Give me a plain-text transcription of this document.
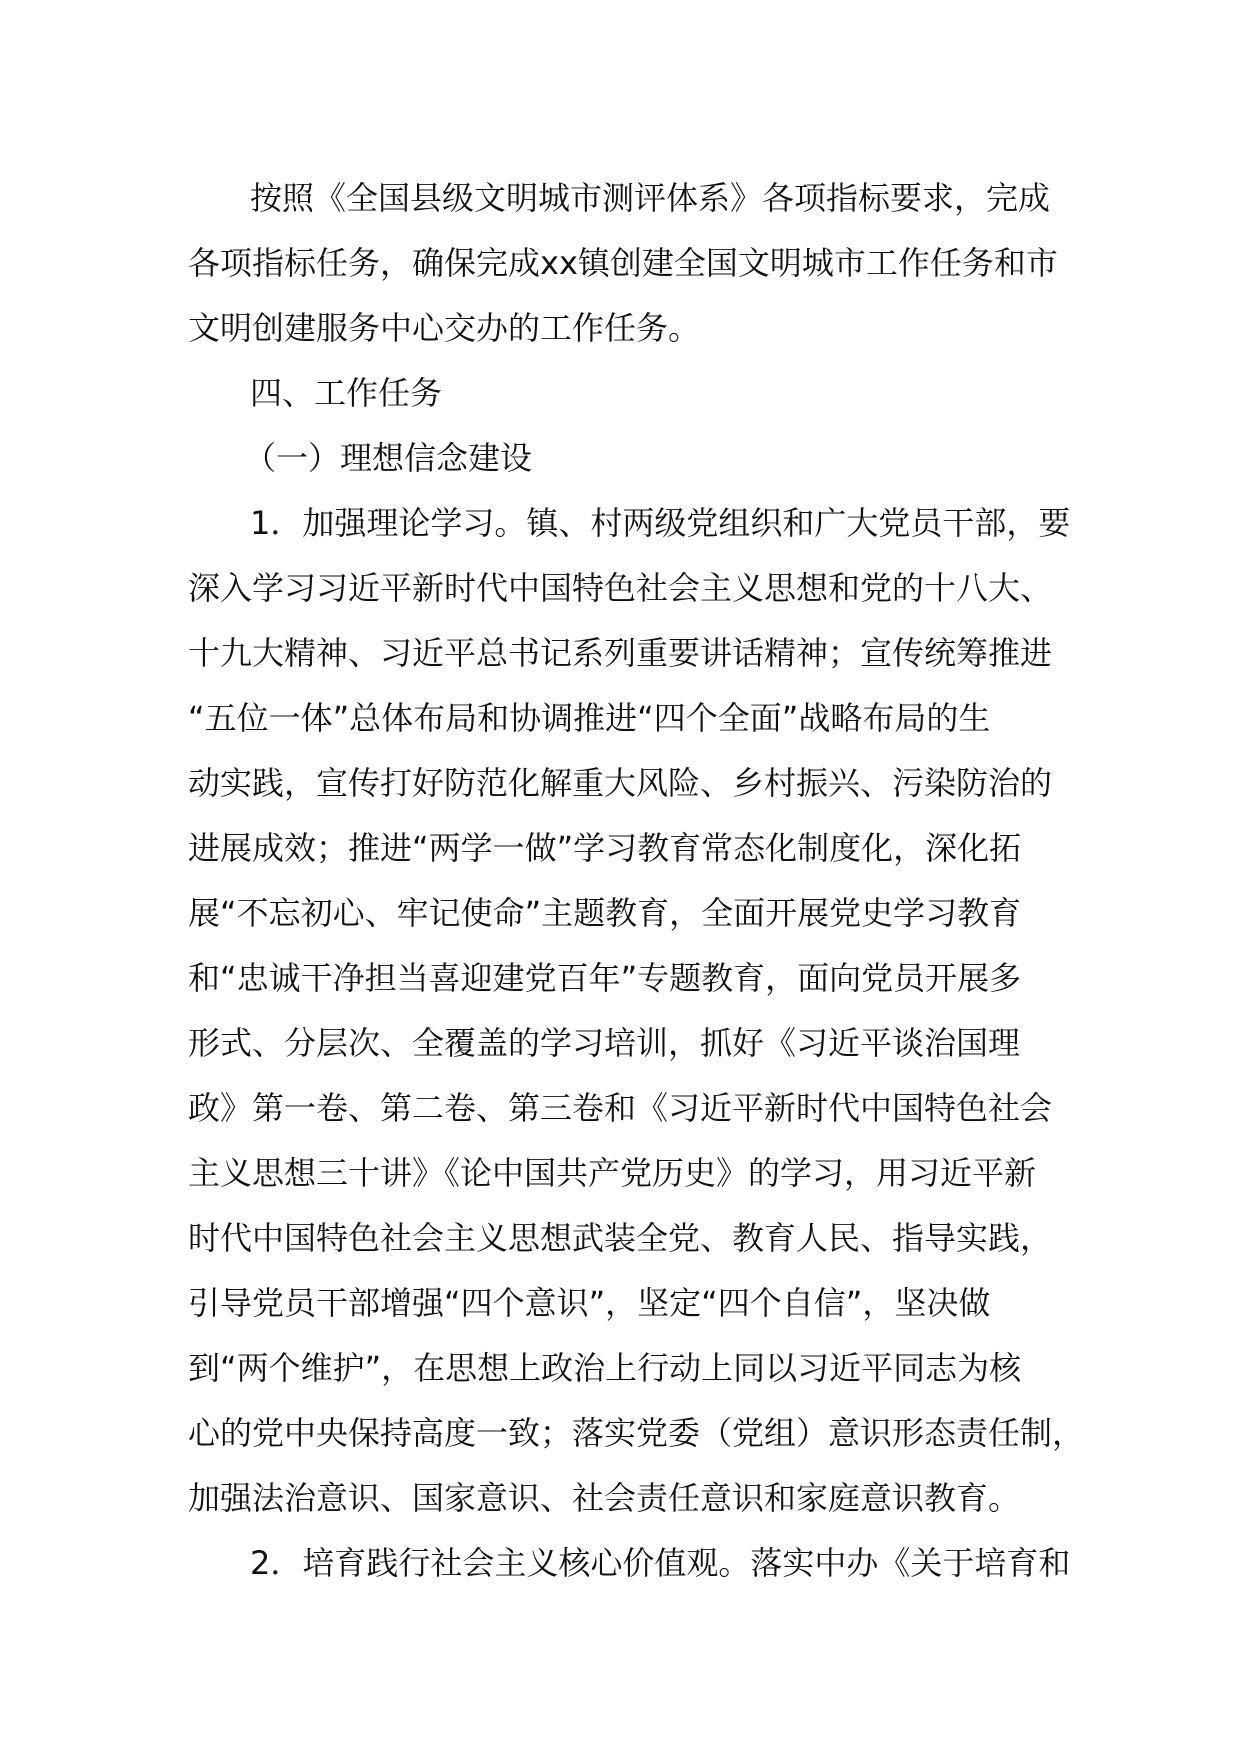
按照《全国县级文明城市测评体系》各项指标要求，完成
各项指标任务，确保完成xx镇创建全国文明城市工作任务和市
文明创建服务中心交办的工作任务。
四、工作任务
（一）理想信念建设
1．加强理论学习。镇、村两级党组织和广大党员干部，要
深入学习习近平新时代中国特色社会主义思想和党的十八大、
十九大精神、习近平总书记系列重要讲话精神；宣传统筹推进
“五位一体”总体布局和协调推进“四个全面”战略布局的生
动实践，宣传打好防范化解重大风险、乡村振兴、污染防治的
进展成效；推进“两学一做”学习教育常态化制度化，深化拓
展“不忘初心、牢记使命”主题教育，全面开展党史学习教育
和“忠诚干净担当喜迎建党百年”专题教育，面向党员开展多
形式、分层次、全覆盖的学习培训，抓好《习近平谈治国理
政》第一卷、第二卷、第三卷和《习近平新时代中国特色社会
主义思想三十讲》《论中国共产党历史》的学习，用习近平新
时代中国特色社会主义思想武装全党、教育人民、指导实践，
引导党员干部增强“四个意识”，坚定“四个自信”，坚决做
到“两个维护”，在思想上政治上行动上同以习近平同志为核
心的党中央保持高度一致；落实党委（党组）意识形态责任制，
加强法治意识、国家意识、社会责任意识和家庭意识教育。
2．培育践行社会主义核心价值观。落实中办《关于培育和
